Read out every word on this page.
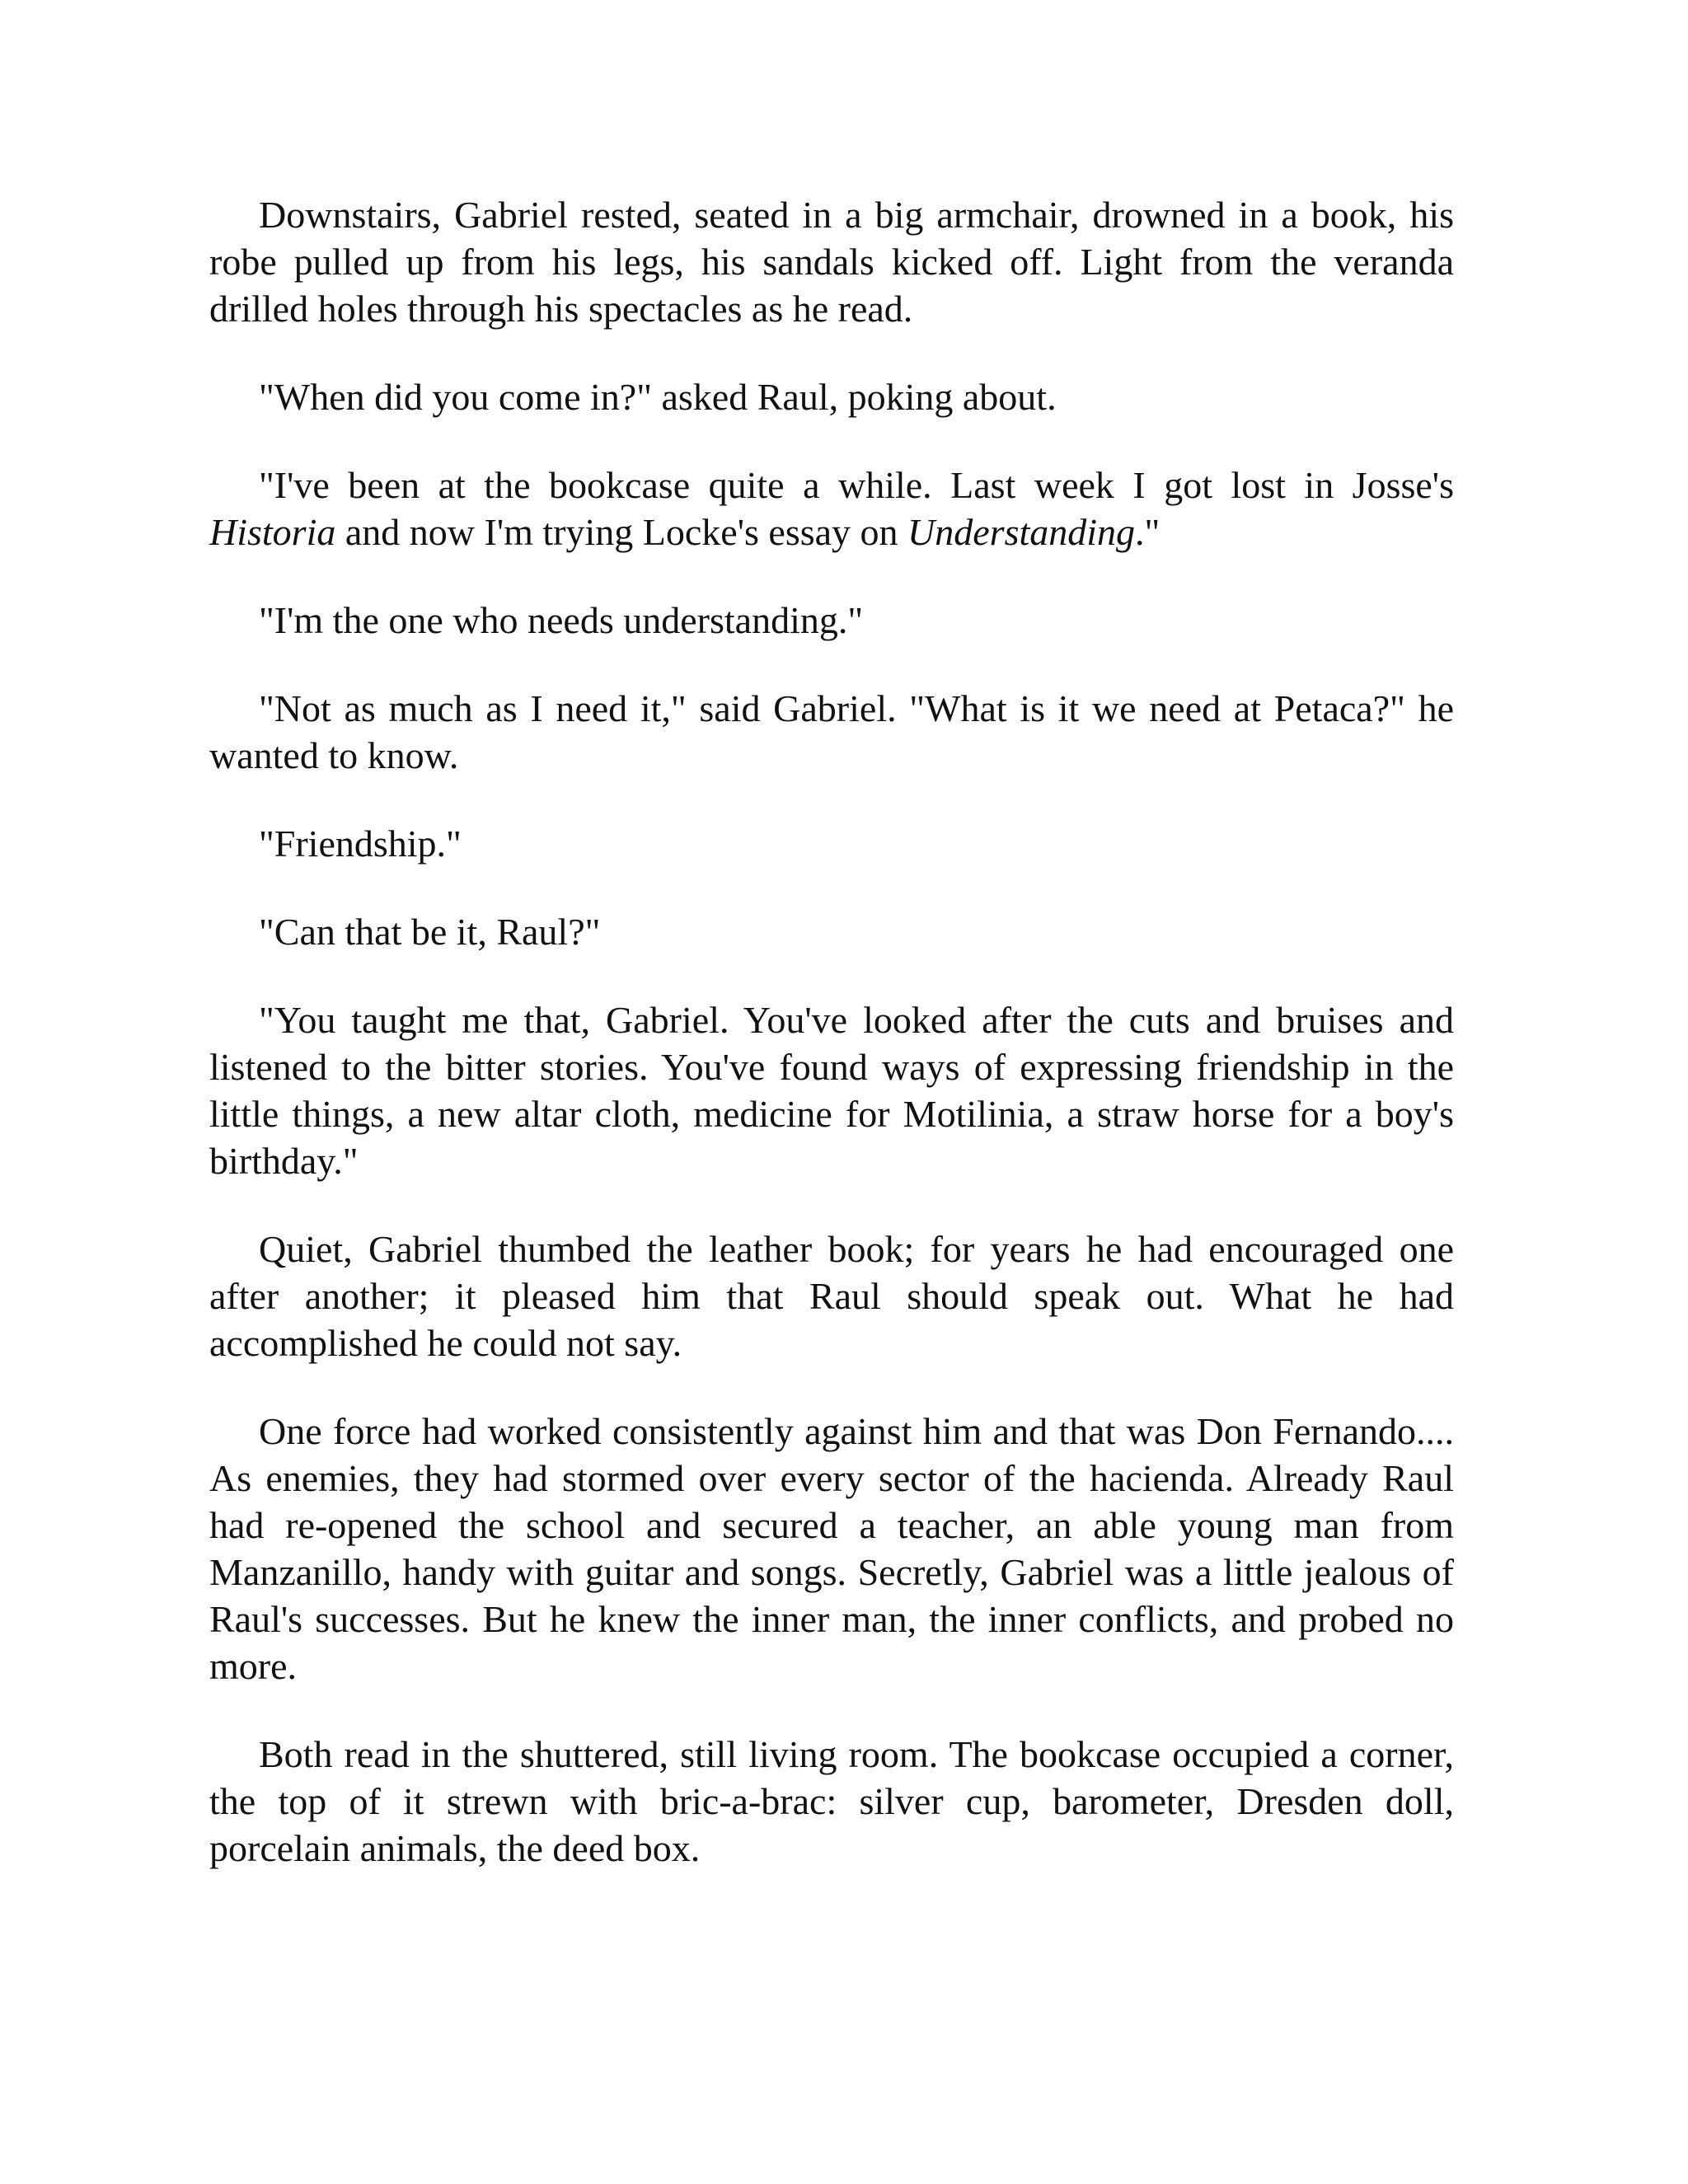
Downstairs, Gabriel rested, seated in a big armchair, drowned in a book, his robe pulled up from his legs, his sandals kicked off. Light from the veranda drilled holes through his spectacles as he read.

"When did you come in?" asked Raul, poking about.

"I've been at the bookcase quite a while. Last week I got lost in Josse's Historia and now I'm trying Locke's essay on Understanding."

"I'm the one who needs understanding."

"Not as much as I need it," said Gabriel. "What is it we need at Petaca?" he wanted to know.

"Friendship."

"Can that be it, Raul?"

"You taught me that, Gabriel. You've looked after the cuts and bruises and listened to the bitter stories. You've found ways of expressing friendship in the little things, a new altar cloth, medicine for Motilinia, a straw horse for a boy's birthday."

Quiet, Gabriel thumbed the leather book; for years he had encouraged one after another; it pleased him that Raul should speak out. What he had accomplished he could not say.

One force had worked consistently against him and that was Don Fernando.... As enemies, they had stormed over every sector of the hacienda. Already Raul had re-opened the school and secured a teacher, an able young man from Manzanillo, handy with guitar and songs. Secretly, Gabriel was a little jealous of Raul's successes. But he knew the inner man, the inner conflicts, and probed no more.

Both read in the shuttered, still living room. The bookcase occupied a corner, the top of it strewn with bric-a-brac: silver cup, barometer, Dresden doll, porcelain animals, the deed box.
